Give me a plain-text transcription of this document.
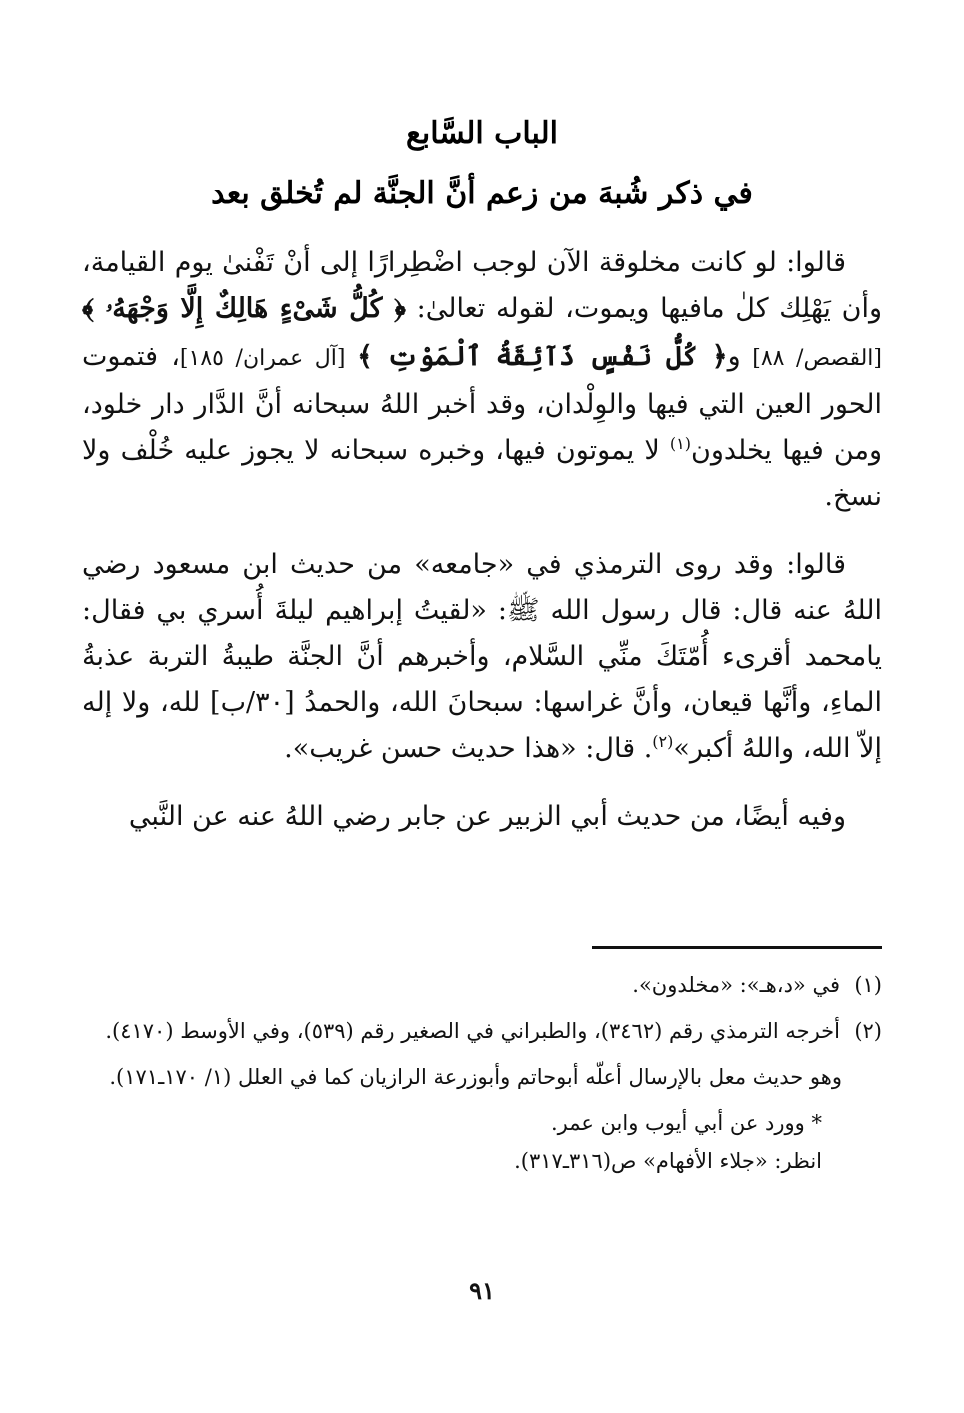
الباب السَّابع
في ذكر شُبهَ من زعم أنَّ الجنَّة لم تُخلق بعد

قالوا: لو كانت مخلوقة الآن لوجب اضْطِرارًا إلى أنْ تَفْنىٰ يوم القيامة، وأن يَهْلِك كلٰ مافيها ويموت، لقوله تعالىٰ: ﴿ كُلُّ شَىْءٍ هَالِكٌ إِلَّا وَجْهَهُۥ ﴾ [القصص/ ٨٨] و﴿ كُلُّ نَفْسٍ ذَآئِقَةُ ٱلْمَوْتِ ﴾ [آل عمران/ ١٨٥]، فتموت الحور العين التي فيها والوِلْدان، وقد أخبر اللهُ سبحانه أنَّ الدَّار دار خلود، ومن فيها يخلدون$^{(١)}$ لا يموتون فيها، وخبره سبحانه لا يجوز عليه خُلْف ولا نسخ.

قالوا: وقد روى الترمذي في «جامعه» من حديث ابن مسعود رضي اللهُ عنه قال: قال رسول الله ﷺ: «لقيتُ إبراهيم ليلةَ أُسري بي فقال: يامحمد أقرىء أُمّتَكَ منِّي السَّلام، وأخبرهم أنَّ الجنَّة طيبةُ التربة عذبةُ الماءِ، وأنَّها قيعان، وأنَّ غراسها: سبحانَ الله، والحمدُ [٣٠/ب] لله، ولا إله إلاّ الله، واللهُ أكبر»$^{(٢)}$. قال: «هذا حديث حسن غريب».

وفيه أيضًا، من حديث أبي الزبير عن جابر رضي اللهُ عنه عن النَّبي

(١)في «د،هـ»: «مخلدون».

(٢)أخرجه الترمذي رقم (٣٤٦٢)، والطبراني في الصغير رقم (٥٣٩)، وفي الأوسط (٤١٧٠).

وهو حديث معل بالإرسال أعلّه أبوحاتم وأبوزرعة الرازيان كما في العلل (١/ ١٧٠ـ١٧١).

* وورد عن أبي أيوب وابن عمر.

انظر: «جلاء الأفهام» ص(٣١٦ـ٣١٧).

٩١
